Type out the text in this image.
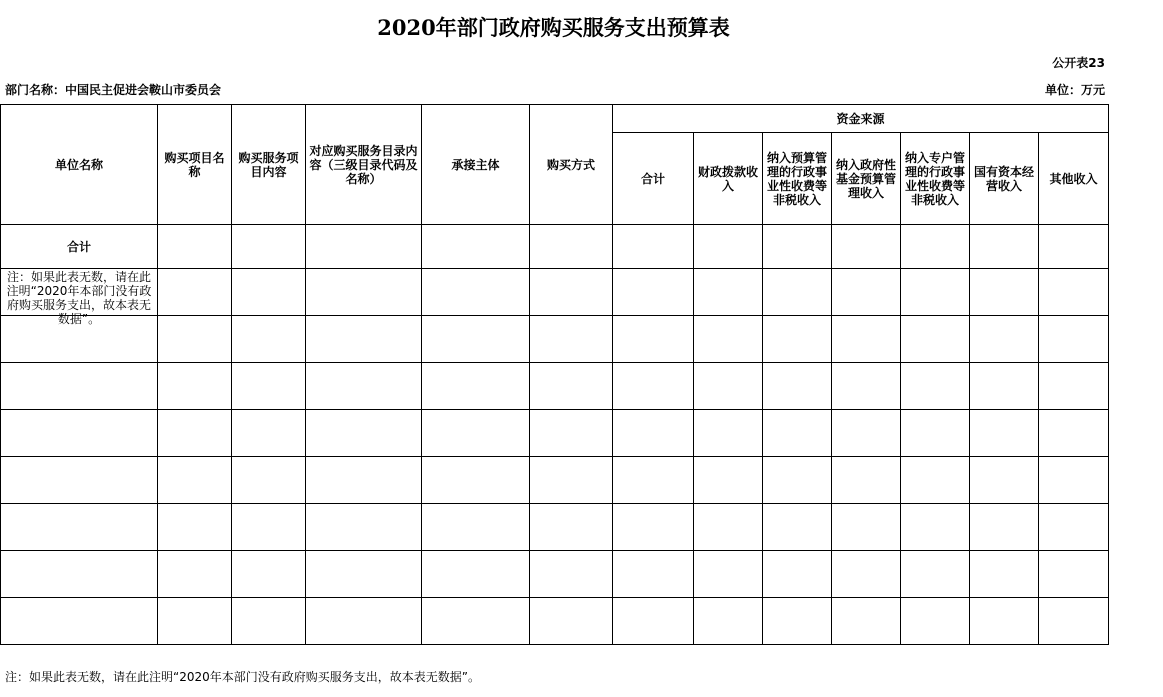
2020年部门政府购买服务支出预算表
公开表23
部门名称：中国民主促进会鞍山市委员会	单位：万元
单位名称	购买项目名称	购买服务项目内容	对应购买服务目录内容（三级目录代码及名称）	承接主体	购买方式	资金来源						
						合计	财政拨款收入	纳入预算管理的行政事业性收费等非税收入	纳入政府性基金预算管理收入	纳入专户管理的行政事业性收费等非税收入	国有资本经营收入	其他收入
合计												

注：如果此表无数，请在此注明“2020年本部门没有政府购买服务支出，故本表无数据”。												

注：如果此表无数，请在此注明“2020年本部门没有政府购买服务支出，故本表无数据”。
